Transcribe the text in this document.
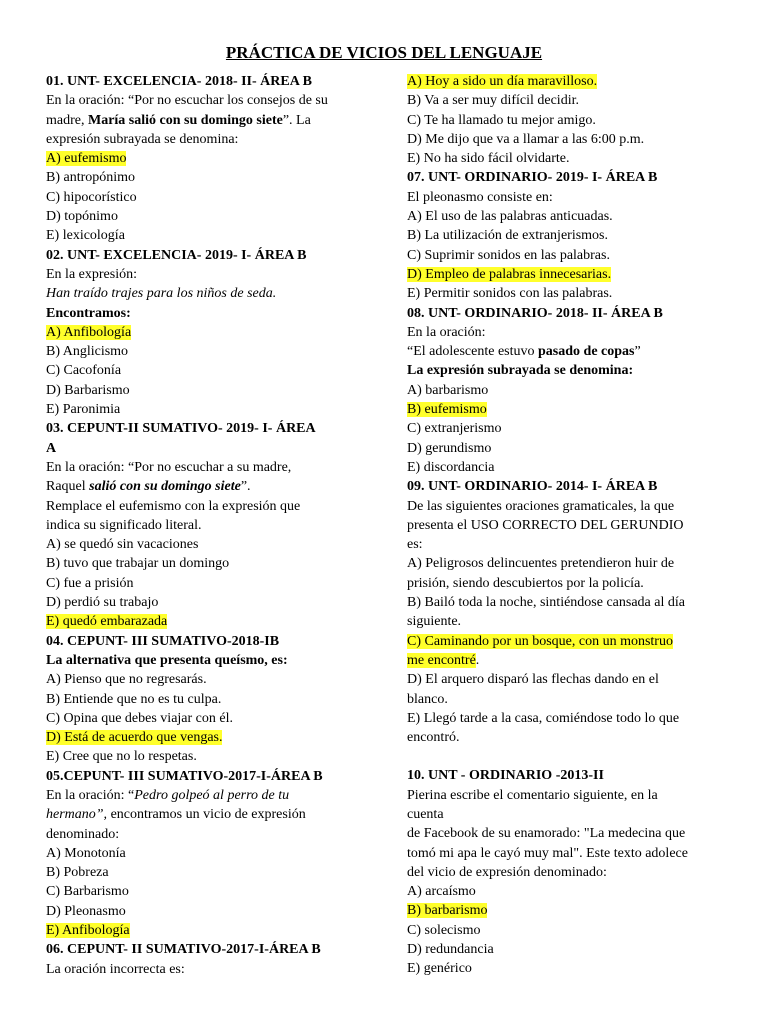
PRÁCTICA DE VICIOS DEL LENGUAJE
01. UNT- EXCELENCIA- 2018- II- ÁREA B
En la oración: “Por no escuchar los consejos de su
madre, María salió con su domingo siete”. La
expresión subrayada se denomina:
A) eufemismo
B) antropónimo
C) hipocorístico
D) topónimo
E) lexicología
02. UNT- EXCELENCIA- 2019- I- ÁREA B
En la expresión:
Han traído trajes para los niños de seda.
Encontramos:
A) Anfibología
B) Anglicismo
C) Cacofonía
D) Barbarismo
E) Paronimia
03. CEPUNT-II SUMATIVO- 2019- I- ÁREA
A
En la oración: “Por no escuchar a su madre,
Raquel salió con su domingo siete”.
Remplace el eufemismo con la expresión que
indica su significado literal.
A) se quedó sin vacaciones
B) tuvo que trabajar un domingo
C) fue a prisión
D) perdió su trabajo
E) quedó embarazada
04. CEPUNT- III SUMATIVO-2018-IB
La alternativa que presenta queísmo, es:
A) Pienso que no regresarás.
B) Entiende que no es tu culpa.
C) Opina que debes viajar con él.
D) Está de acuerdo que vengas.
E) Cree que no lo respetas.
05.CEPUNT- III SUMATIVO-2017-I-ÁREA B
En la oración: “Pedro golpeó al perro de tu
hermano”, encontramos un vicio de expresión
denominado:
A) Monotonía
B) Pobreza
C) Barbarismo
D) Pleonasmo
E) Anfibología
06. CEPUNT- II SUMATIVO-2017-I-ÁREA B
La oración incorrecta es:
A) Hoy a sido un día maravilloso.
B) Va a ser muy difícil decidir.
C) Te ha llamado tu mejor amigo.
D) Me dijo que va a llamar a las 6:00 p.m.
E) No ha sido fácil olvidarte.
07. UNT- ORDINARIO- 2019- I- ÁREA B
El pleonasmo consiste en:
A) El uso de las palabras anticuadas.
B) La utilización de extranjerismos.
C) Suprimir sonidos en las palabras.
D) Empleo de palabras innecesarias.
E) Permitir sonidos con las palabras.
08. UNT- ORDINARIO- 2018- II- ÁREA B
En la oración:
“El adolescente estuvo pasado de copas”
La expresión subrayada se denomina:
A) barbarismo
B) eufemismo
C) extranjerismo
D) gerundismo
E) discordancia
09. UNT- ORDINARIO- 2014- I- ÁREA B
De las siguientes oraciones gramaticales, la que
presenta el USO CORRECTO DEL GERUNDIO
es:
A) Peligrosos delincuentes pretendieron huir de
prisión, siendo descubiertos por la policía.
B) Bailó toda la noche, sintiéndose cansada al día
siguiente.
C) Caminando por un bosque, con un monstruo
me encontré.
D) El arquero disparó las flechas dando en el
blanco.
E) Llegó tarde a la casa, comiéndose todo lo que
encontró.
10. UNT - ORDINARIO -2013-II
Pierina escribe el comentario siguiente, en la
cuenta
de Facebook de su enamorado: "La medecina que
tomó mi apa le cayó muy mal". Este texto adolece
del vicio de expresión denominado:
A) arcaísmo
B) barbarismo
C) solecismo
D) redundancia
E) genérico
